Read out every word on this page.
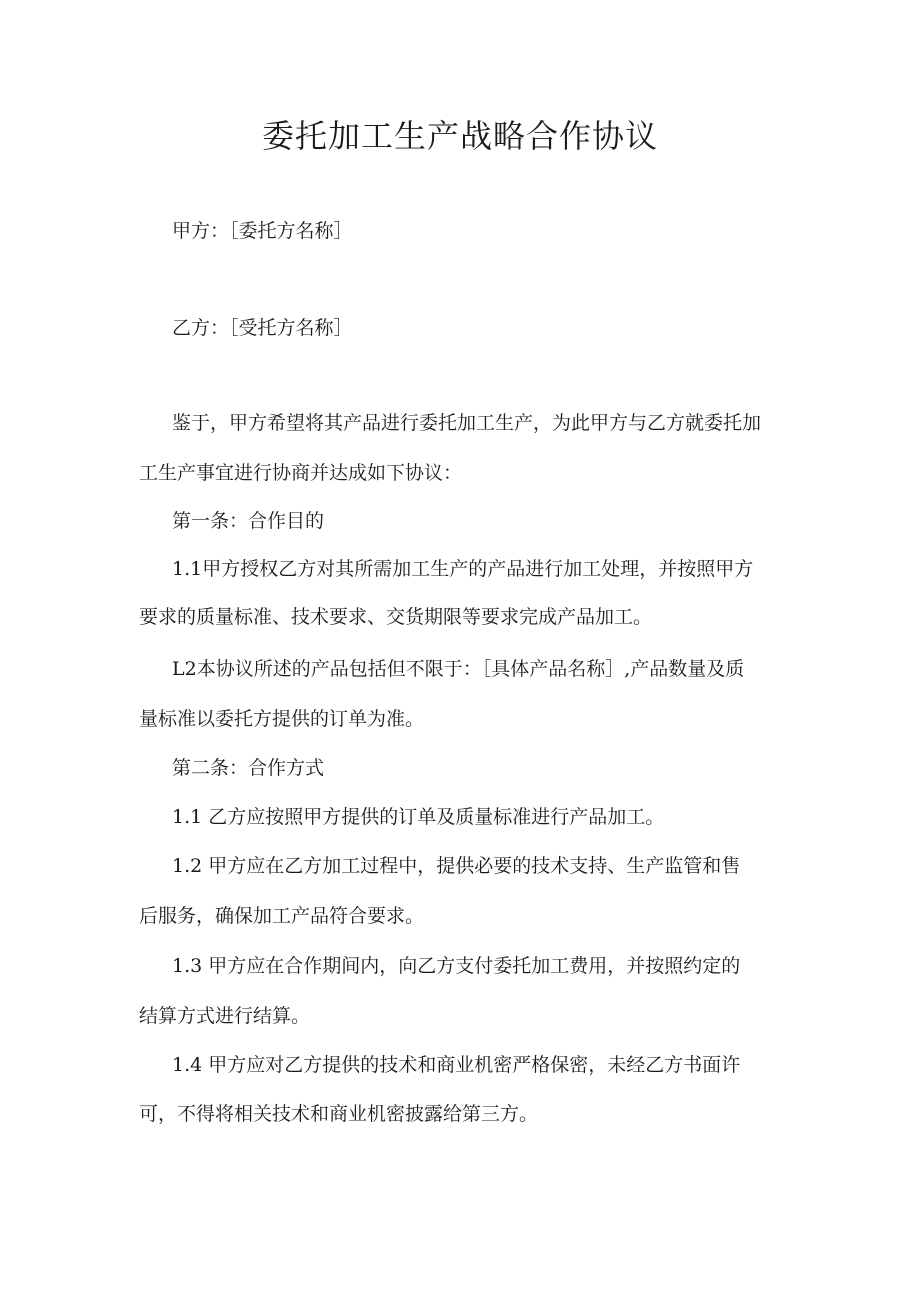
委托加工生产战略合作协议

甲方：［委托方名称］

乙方：［受托方名称］

鉴于，甲方希望将其产品进行委托加工生产，为此甲方与乙方就委托加

工生产事宜进行协商并达成如下协议：

第一条：合作目的

1.1甲方授权乙方对其所需加工生产的产品进行加工处理，并按照甲方

要求的质量标准、技术要求、交货期限等要求完成产品加工。

L2本协议所述的产品包括但不限于：［具体产品名称］,产品数量及质

量标准以委托方提供的订单为准。

第二条：合作方式

1.1 乙方应按照甲方提供的订单及质量标准进行产品加工。

1.2 甲方应在乙方加工过程中，提供必要的技术支持、生产监管和售

后服务，确保加工产品符合要求。

1.3 甲方应在合作期间内，向乙方支付委托加工费用，并按照约定的

结算方式进行结算。

1.4 甲方应对乙方提供的技术和商业机密严格保密，未经乙方书面许

可，不得将相关技术和商业机密披露给第三方。
